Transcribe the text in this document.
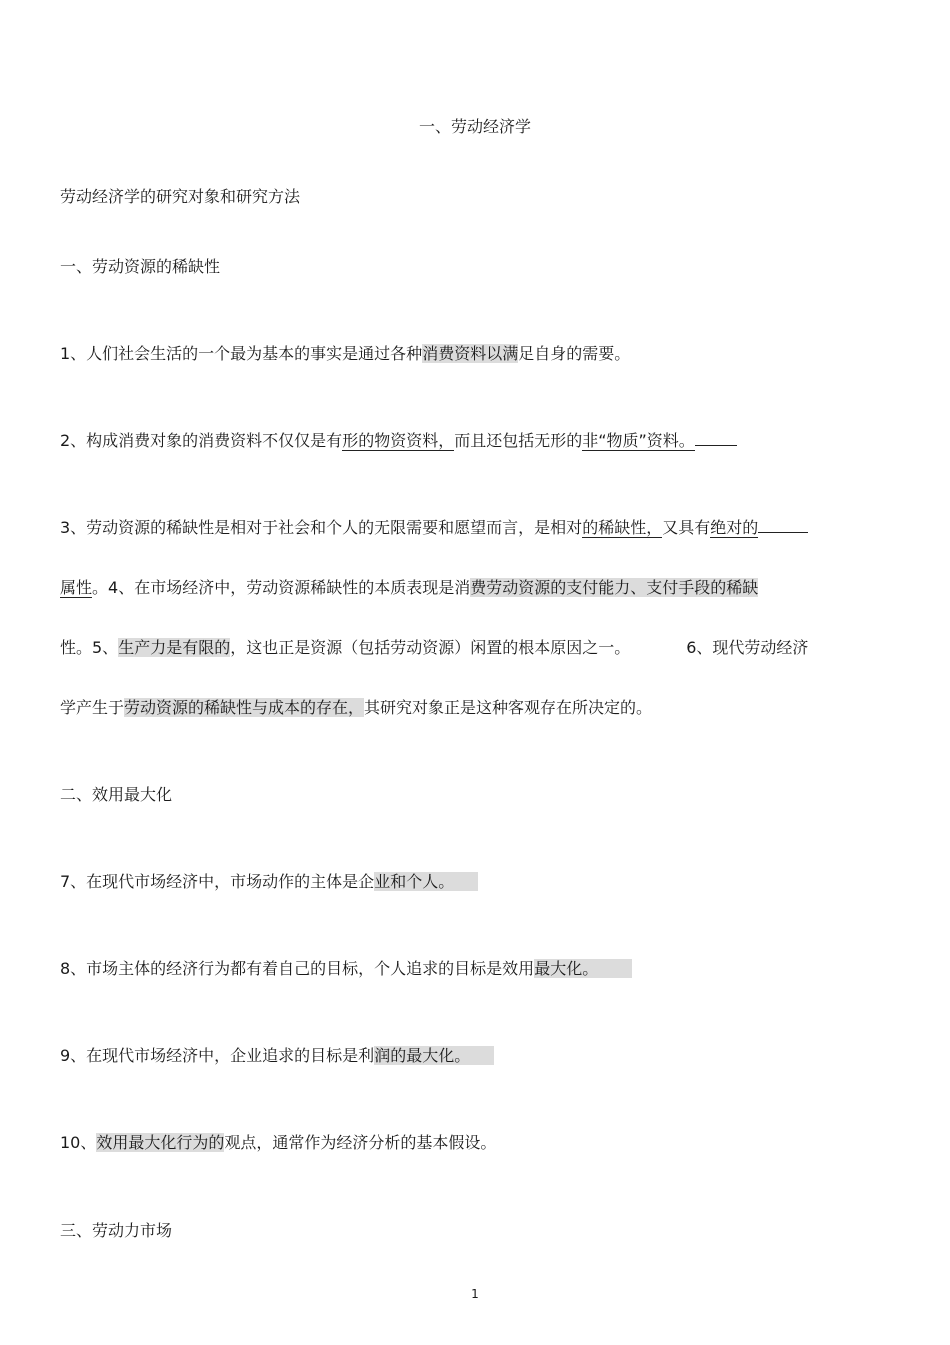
一、劳动经济学
劳动经济学的研究对象和研究方法
一、劳动资源的稀缺性
1、人们社会生活的一个最为基本的事实是通过各种消费资料以满足自身的需要。
2、构成消费对象的消费资料不仅仅是有形的物资资料，而且还包括无形的非“物质”资料。
3、劳动资源的稀缺性是相对于社会和个人的无限需要和愿望而言，是相对的稀缺性，又具有绝对的
属性。4、在市场经济中，劳动资源稀缺性的本质表现是消费劳动资源的支付能力、支付手段的稀缺
性。5、生产力是有限的，这也正是资源（包括劳动资源）闲置的根本原因之一。	6、现代劳动经济
学产生于劳动资源的稀缺性与成本的存在，其研究对象正是这种客观存在所决定的。
二、效用最大化
7、在现代市场经济中，市场动作的主体是企业和个人。
8、市场主体的经济行为都有着自己的目标，个人追求的目标是效用最大化。
9、在现代市场经济中，企业追求的目标是利润的最大化。
10、效用最大化行为的观点，通常作为经济分析的基本假设。
三、劳动力市场
1
